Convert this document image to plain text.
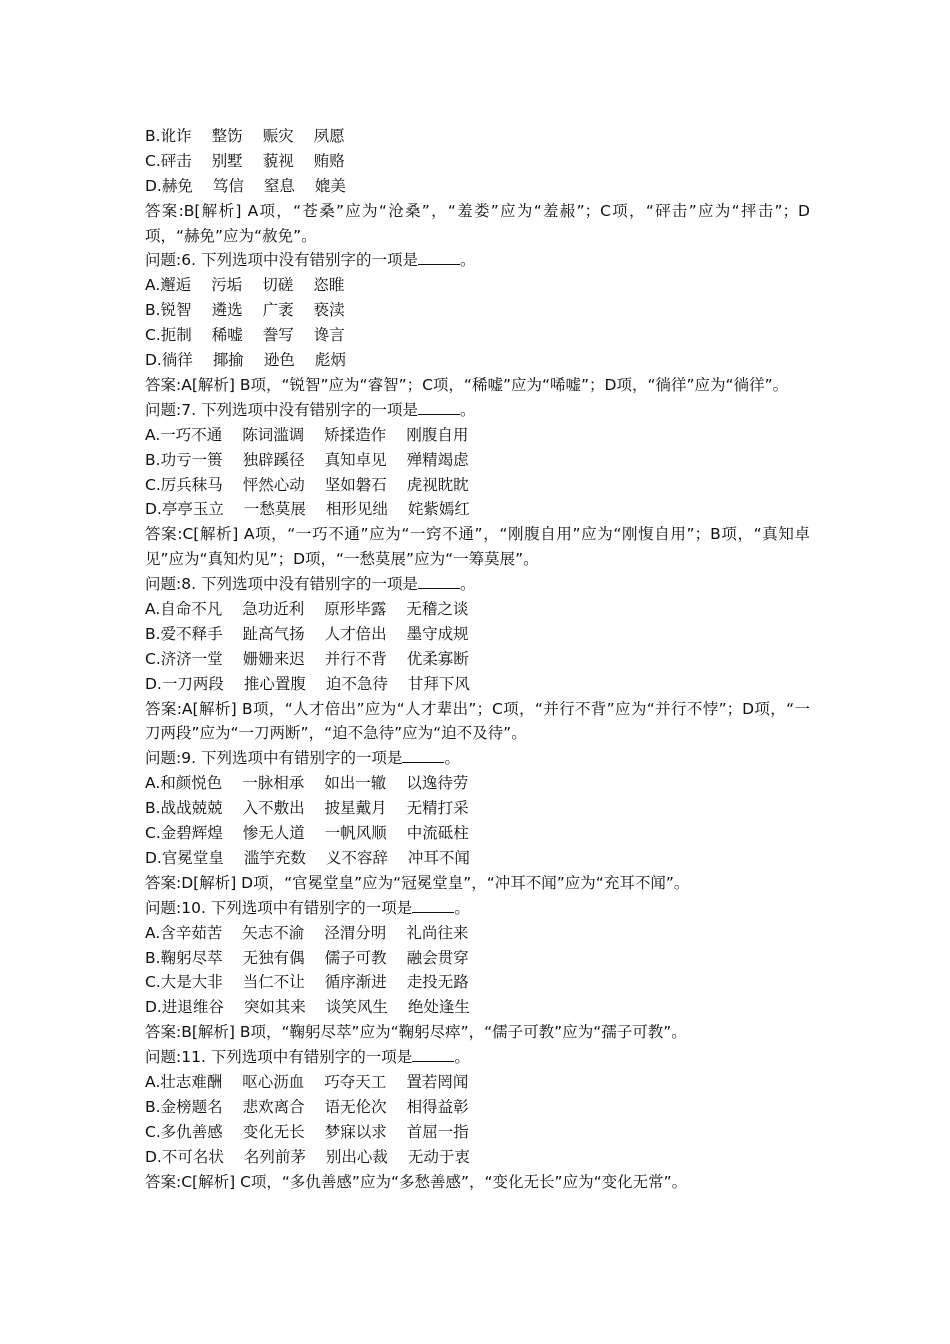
B.讹诈 整饬 赈灾 夙愿
C.砰击 别墅 藐视 贿赂
D.赫免 笃信 窒息 媲美
答案:B[解析] A项，“苍桑”应为“沧桑”，“羞娄”应为“羞赧”；C项，“砰击”应为“抨击”；D项，“赫免”应为“赦免”。
问题:6. 下列选项中没有错别字的一项是	。
A.邂逅 污垢 切磋 恣睢
B.锐智 遴选 广袤 亵渎
C.扼制 稀嘘 誊写 谗言
D.徜徉 揶揄 逊色 彪炳
答案:A[解析] B项，“锐智”应为“睿智”；C项，“稀嘘”应为“唏嘘”；D项，“徜徉”应为“徜徉”。
问题:7. 下列选项中没有错别字的一项是	。
A.一巧不通 陈词滥调 矫揉造作 刚腹自用
B.功亏一篑 独辟蹊径 真知卓见 殚精竭虑
C.厉兵秣马 怦然心动 坚如磐石 虎视眈眈
D.亭亭玉立 一愁莫展 相形见绌 姹紫嫣红
答案:C[解析] A项，“一巧不通”应为“一窍不通”，“刚腹自用”应为“刚愎自用”；B项，“真知卓见”应为“真知灼见”；D项，“一愁莫展”应为“一筹莫展”。
问题:8. 下列选项中没有错别字的一项是	。
A.自命不凡 急功近利 原形毕露 无稽之谈
B.爱不释手 趾高气扬 人才倍出 墨守成规
C.济济一堂 姗姗来迟 并行不背 优柔寡断
D.一刀两段 推心置腹 迫不急待 甘拜下风
答案:A[解析] B项，“人才倍出”应为“人才辈出”；C项，“并行不背”应为“并行不悖”；D项，“一刀两段”应为“一刀两断”，“迫不急待”应为“迫不及待”。
问题:9. 下列选项中有错别字的一项是	。
A.和颜悦色 一脉相承 如出一辙 以逸待劳
B.战战兢兢 入不敷出 披星戴月 无精打采
C.金碧辉煌 惨无人道 一帆风顺 中流砥柱
D.官冕堂皇 滥竽充数 义不容辞 冲耳不闻
答案:D[解析] D项，“官冕堂皇”应为“冠冕堂皇”，“冲耳不闻”应为“充耳不闻”。
问题:10. 下列选项中有错别字的一项是	。
A.含辛茹苦 矢志不渝 泾渭分明 礼尚往来
B.鞠躬尽萃 无独有偶 儒子可教 融会贯穿
C.大是大非 当仁不让 循序渐进 走投无路
D.进退维谷 突如其来 谈笑风生 绝处逢生
答案:B[解析] B项，“鞠躬尽萃”应为“鞠躬尽瘁”，“儒子可教”应为“孺子可教”。
问题:11. 下列选项中有错别字的一项是	。
A.壮志难酬 呕心沥血 巧夺天工 置若罔闻
B.金榜题名 悲欢离合 语无伦次 相得益彰
C.多仇善感 变化无长 梦寐以求 首屈一指
D.不可名状 名列前茅 别出心裁 无动于衷
答案:C[解析] C项，“多仇善感”应为“多愁善感”，“变化无长”应为“变化无常”。
